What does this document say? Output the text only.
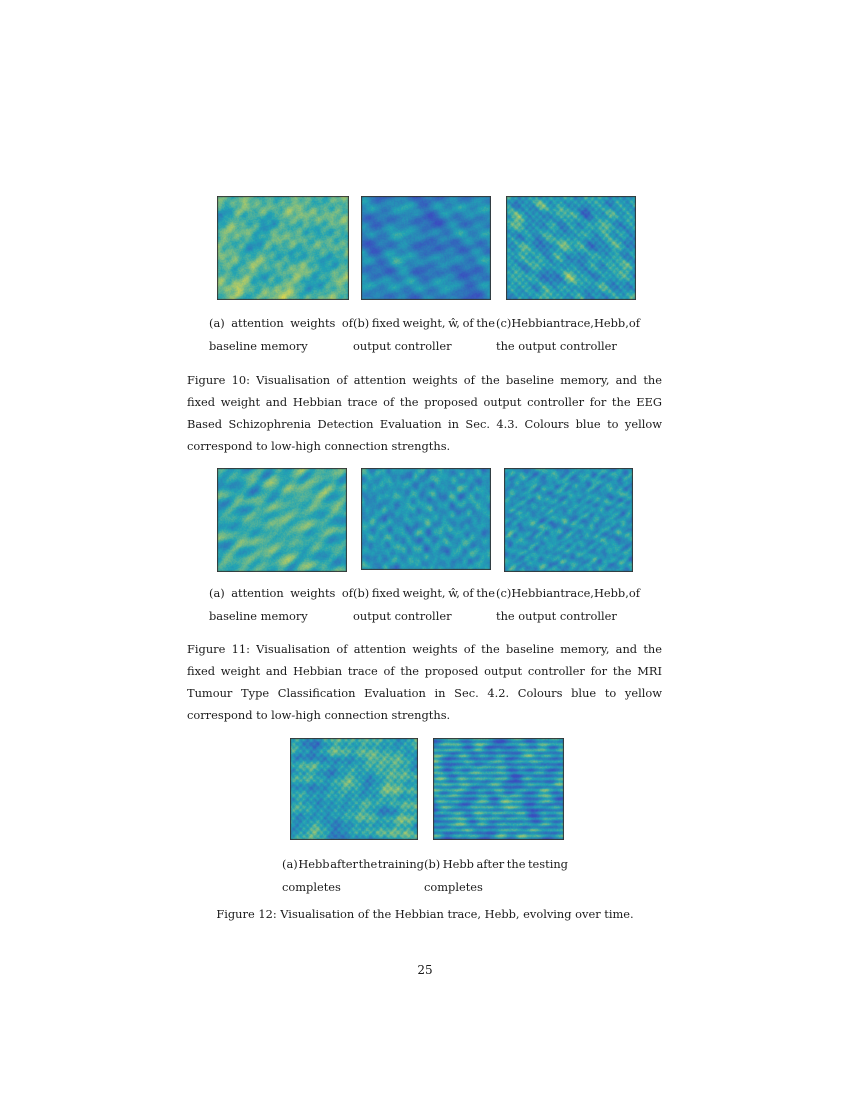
(a) attention weights of
baseline memory
(b) fixed weight, ŵ, of the
output controller
(c) Hebbian trace, Hebb, of
the output controller
Figure 10: Visualisation of attention weights of the baseline memory, and the fixed weight and Hebbian trace of the proposed output controller for the EEG Based Schizophrenia Detection Evaluation in Sec. 4.3. Colours blue to yellow correspond to low-high connection strengths.
(a) attention weights of
baseline memory
(b) fixed weight, ŵ, of the
output controller
(c) Hebbian trace, Hebb, of
the output controller
Figure 11: Visualisation of attention weights of the baseline memory, and the fixed weight and Hebbian trace of the proposed output controller for the MRI Tumour Type Classification Evaluation in Sec. 4.2. Colours blue to yellow correspond to low-high connection strengths.
(a) Hebb after the training
completes
(b) Hebb after the testing
completes
Figure 12: Visualisation of the Hebbian trace, Hebb, evolving over time.
25
